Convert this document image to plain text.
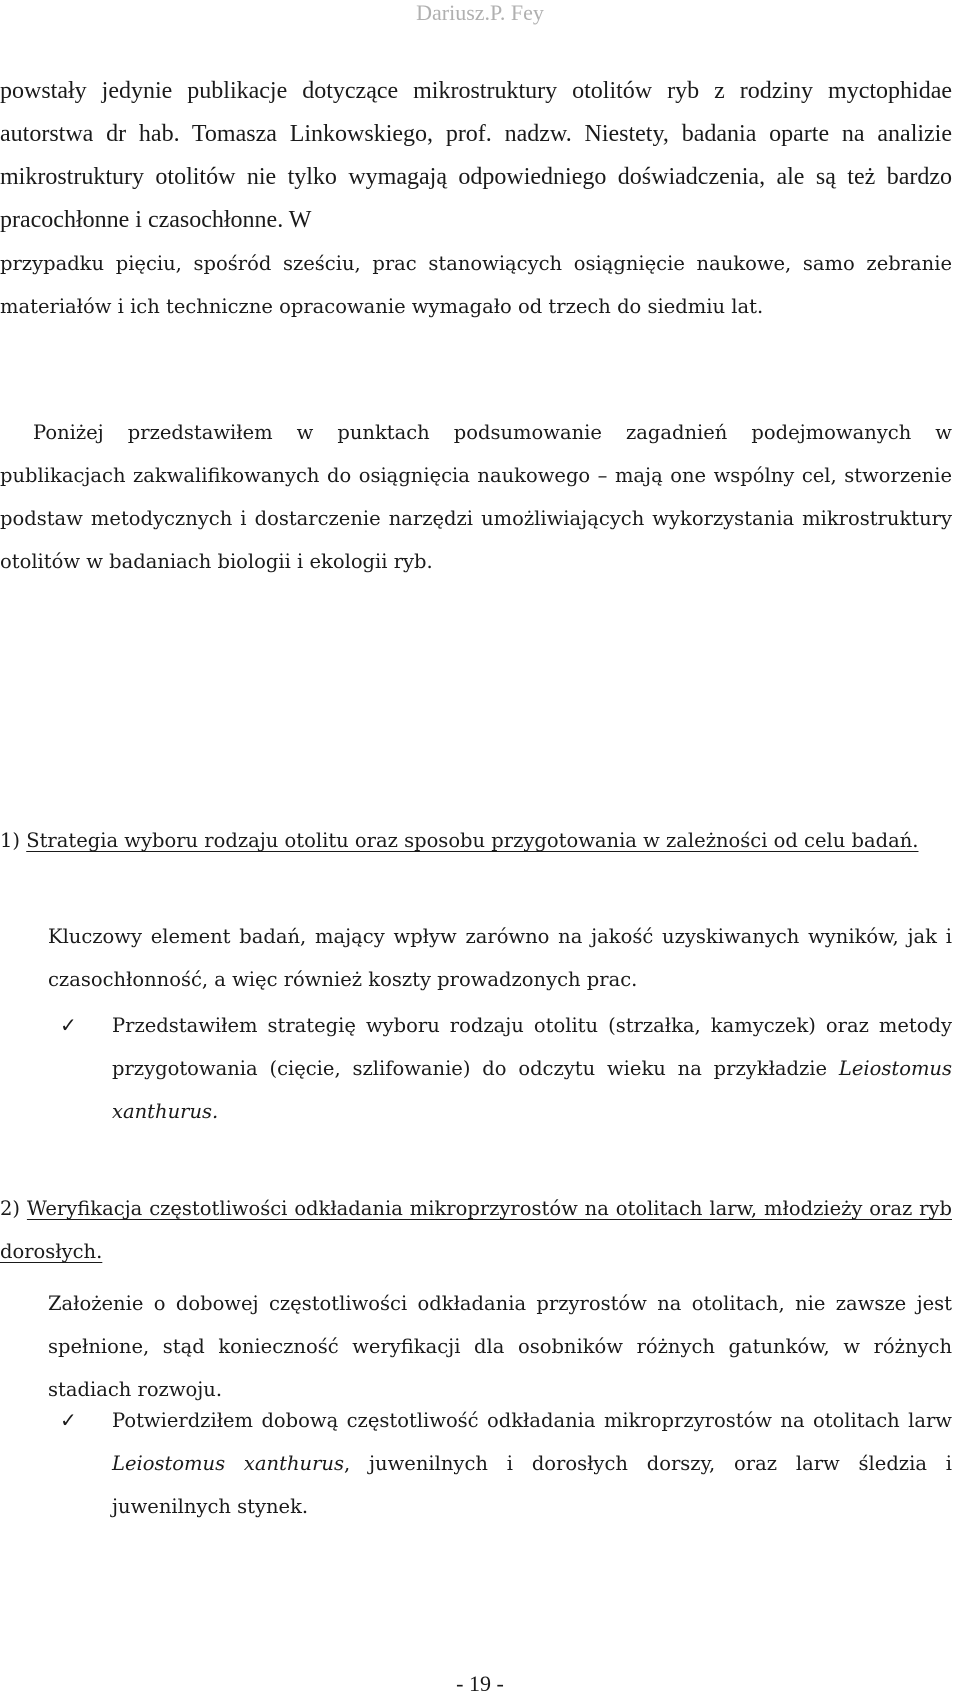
Dariusz.P. Fey
powstały jedynie publikacje dotyczące mikrostruktury otolitów ryb z rodziny myctophidae autorstwa dr hab. Tomasza Linkowskiego, prof. nadzw. Niestety, badania oparte na analizie mikrostruktury otolitów nie tylko wymagają odpowiedniego doświadczenia, ale są też bardzo pracochłonne i czasochłonne. W
przypadku pięciu, spośród sześciu, prac stanowiących osiągnięcie naukowe, samo zebranie materiałów i ich techniczne opracowanie wymagało od trzech do siedmiu lat.
Poniżej przedstawiłem w punktach podsumowanie zagadnień podejmowanych w publikacjach zakwalifikowanych do osiągnięcia naukowego – mają one wspólny cel, stworzenie podstaw metodycznych i dostarczenie narzędzi umożliwiających wykorzystania mikrostruktury otolitów w badaniach biologii i ekologii ryb.
1) Strategia wyboru rodzaju otolitu oraz sposobu przygotowania w zależności od celu badań.
Kluczowy element badań, mający wpływ zarówno na jakość uzyskiwanych wyników, jak i czasochłonność, a więc również koszty prowadzonych prac.
✓ Przedstawiłem strategię wyboru rodzaju otolitu (strzałka, kamyczek) oraz metody przygotowania (cięcie, szlifowanie) do odczytu wieku na przykładzie Leiostomus xanthurus.
2) Weryfikacja częstotliwości odkładania mikroprzyrostów na otolitach larw, młodzieży oraz ryb dorosłych.
Założenie o dobowej częstotliwości odkładania przyrostów na otolitach, nie zawsze jest spełnione, stąd konieczność weryfikacji dla osobników różnych gatunków, w różnych stadiach rozwoju.
✓ Potwierdziłem dobową częstotliwość odkładania mikroprzyrostów na otolitach larw Leiostomus xanthurus, juwenilnych i dorosłych dorszy, oraz larw śledzia i juwenilnych stynek.
- 19 -
